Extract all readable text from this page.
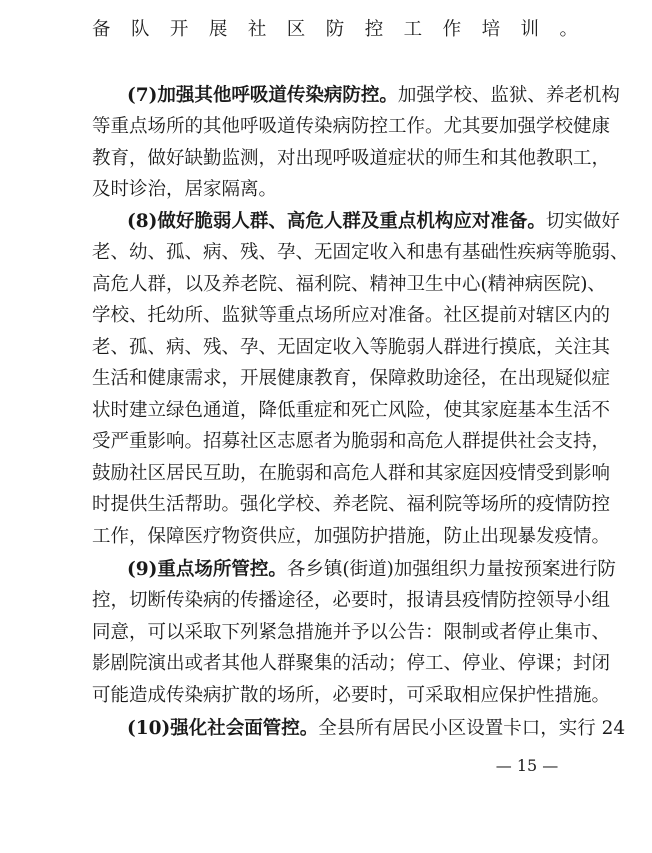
备队开展社区防控工作培训。
(7)加强其他呼吸道传染病防控。加强学校、监狱、养老机构
等重点场所的其他呼吸道传染病防控工作。尤其要加强学校健康
教育，做好缺勤监测，对出现呼吸道症状的师生和其他教职工，
及时诊治，居家隔离。
(8)做好脆弱人群、高危人群及重点机构应对准备。切实做好
老、幼、孤、病、残、孕、无固定收入和患有基础性疾病等脆弱、
高危人群，以及养老院、福利院、精神卫生中心(精神病医院)、
学校、托幼所、监狱等重点场所应对准备。社区提前对辖区内的
老、孤、病、残、孕、无固定收入等脆弱人群进行摸底，关注其
生活和健康需求，开展健康教育，保障救助途径，在出现疑似症
状时建立绿色通道，降低重症和死亡风险，使其家庭基本生活不
受严重影响。招募社区志愿者为脆弱和高危人群提供社会支持，
鼓励社区居民互助，在脆弱和高危人群和其家庭因疫情受到影响
时提供生活帮助。强化学校、养老院、福利院等场所的疫情防控
工作，保障医疗物资供应，加强防护措施，防止出现暴发疫情。
(9)重点场所管控。各乡镇(街道)加强组织力量按预案进行防
控，切断传染病的传播途径，必要时，报请县疫情防控领导小组
同意，可以采取下列紧急措施并予以公告：限制或者停止集市、
影剧院演出或者其他人群聚集的活动；停工、停业、停课；封闭
可能造成传染病扩散的场所，必要时，可采取相应保护性措施。
(10)强化社会面管控。全县所有居民小区设置卡口，实行 24
— 15 —
